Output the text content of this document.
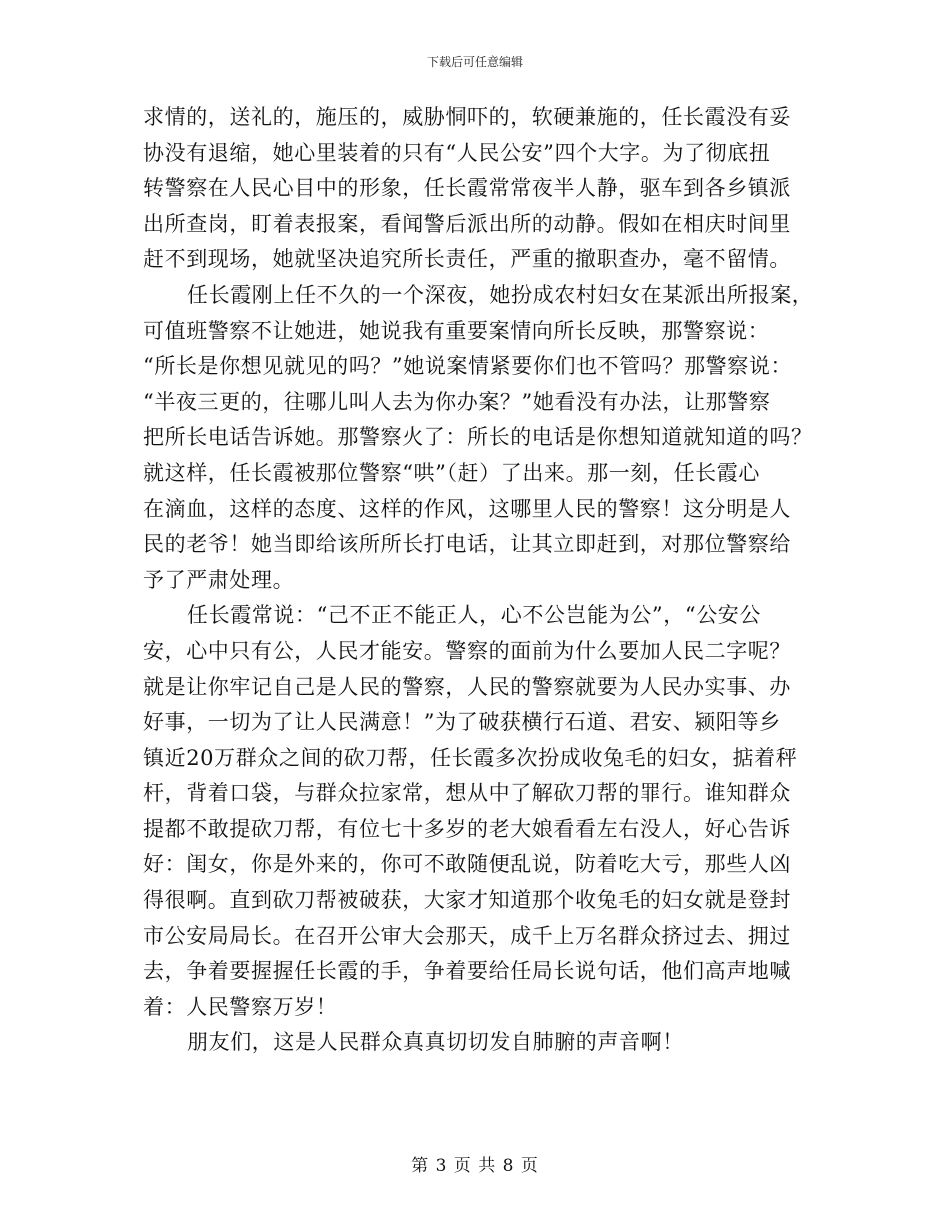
下载后可任意编辑
求情的，送礼的，施压的，威胁恫吓的，软硬兼施的，任长霞没有妥
协没有退缩，她心里装着的只有“人民公安”四个大字。为了彻底扭
转警察在人民心目中的形象，任长霞常常夜半人静，驱车到各乡镇派
出所查岗，盯着表报案，看闻警后派出所的动静。假如在相庆时间里
赶不到现场，她就坚决追究所长责任，严重的撤职查办，毫不留情。
任长霞刚上任不久的一个深夜，她扮成农村妇女在某派出所报案，
可值班警察不让她进，她说我有重要案情向所长反映，那警察说：
“所长是你想见就见的吗？”她说案情紧要你们也不管吗？那警察说：
“半夜三更的，往哪儿叫人去为你办案？”她看没有办法，让那警察
把所长电话告诉她。那警察火了：所长的电话是你想知道就知道的吗？
就这样，任长霞被那位警察“哄”（赶）了出来。那一刻，任长霞心
在滴血，这样的态度、这样的作风，这哪里人民的警察！这分明是人
民的老爷！她当即给该所所长打电话，让其立即赶到，对那位警察给
予了严肃处理。
任长霞常说：“己不正不能正人，心不公岂能为公”，“公安公
安，心中只有公，人民才能安。警察的面前为什么要加人民二字呢？
就是让你牢记自己是人民的警察，人民的警察就要为人民办实事、办
好事，一切为了让人民满意！”为了破获横行石道、君安、颍阳等乡
镇近20万群众之间的砍刀帮，任长霞多次扮成收兔毛的妇女，掂着秤
杆，背着口袋，与群众拉家常，想从中了解砍刀帮的罪行。谁知群众
提都不敢提砍刀帮，有位七十多岁的老大娘看看左右没人，好心告诉
好：闺女，你是外来的，你可不敢随便乱说，防着吃大亏，那些人凶
得很啊。直到砍刀帮被破获，大家才知道那个收兔毛的妇女就是登封
市公安局局长。在召开公审大会那天，成千上万名群众挤过去、拥过
去，争着要握握任长霞的手，争着要给任局长说句话，他们高声地喊
着：人民警察万岁！
朋友们，这是人民群众真真切切发自肺腑的声音啊！
第 3 页 共 8 页
